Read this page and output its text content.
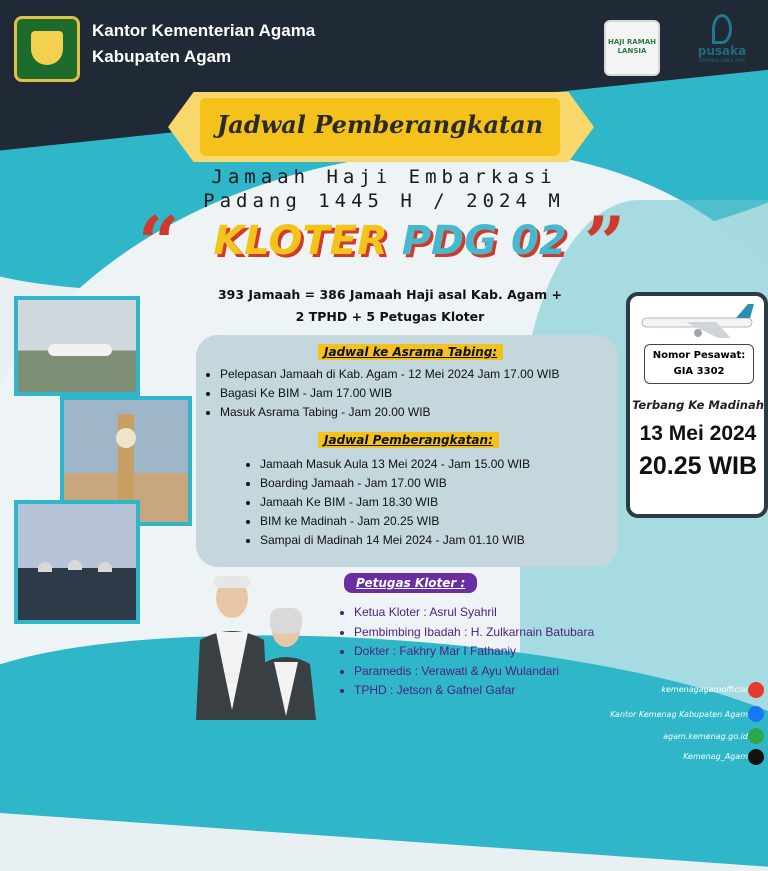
Kantor Kementerian Agama
Kabupaten Agam
HAJI RAMAH LANSIA	pusaka
KEMENAG SUPER APPS
Jadwal Pemberangkatan
Jamaah Haji Embarkasi
Padang 1445 H / 2024 M
“	”
KLOTER PDG 02
393 Jamaah = 386 Jamaah Haji asal Kab. Agam +
2 TPHD + 5 Petugas Kloter
Jadwal ke Asrama Tabing:
• Pelepasan Jamaah di Kab. Agam - 12 Mei 2024 Jam 17.00 WIB
• Bagasi Ke BIM - Jam 17.00 WIB
• Masuk Asrama Tabing - Jam 20.00 WIB
Jadwal Pemberangkatan:
• Jamaah Masuk Aula 13 Mei 2024 - Jam 15.00 WIB
• Boarding Jamaah - Jam 17.00 WIB
• Jamaah Ke BIM - Jam 18.30 WIB
• BIM ke Madinah - Jam 20.25 WIB
• Sampai di Madinah 14 Mei 2024 - Jam 01.10 WIB
Nomor Pesawat:
GIA 3302
Terbang Ke Madinah
13 Mei 2024
20.25 WIB
Petugas Kloter :
• Ketua Kloter : Asrul Syahril
• Pembimbing Ibadah : H. Zulkarnain Batubara
• Dokter : Fakhry Mar I Fathaniy
• Paramedis : Verawati & Ayu Wulandari
• TPHD : Jetson & Gafnel Gafar	kemenagagamofficial
Kantor Kemenag Kabupaten Agam
agam.kemenag.go.id
Kemenag_Agam
